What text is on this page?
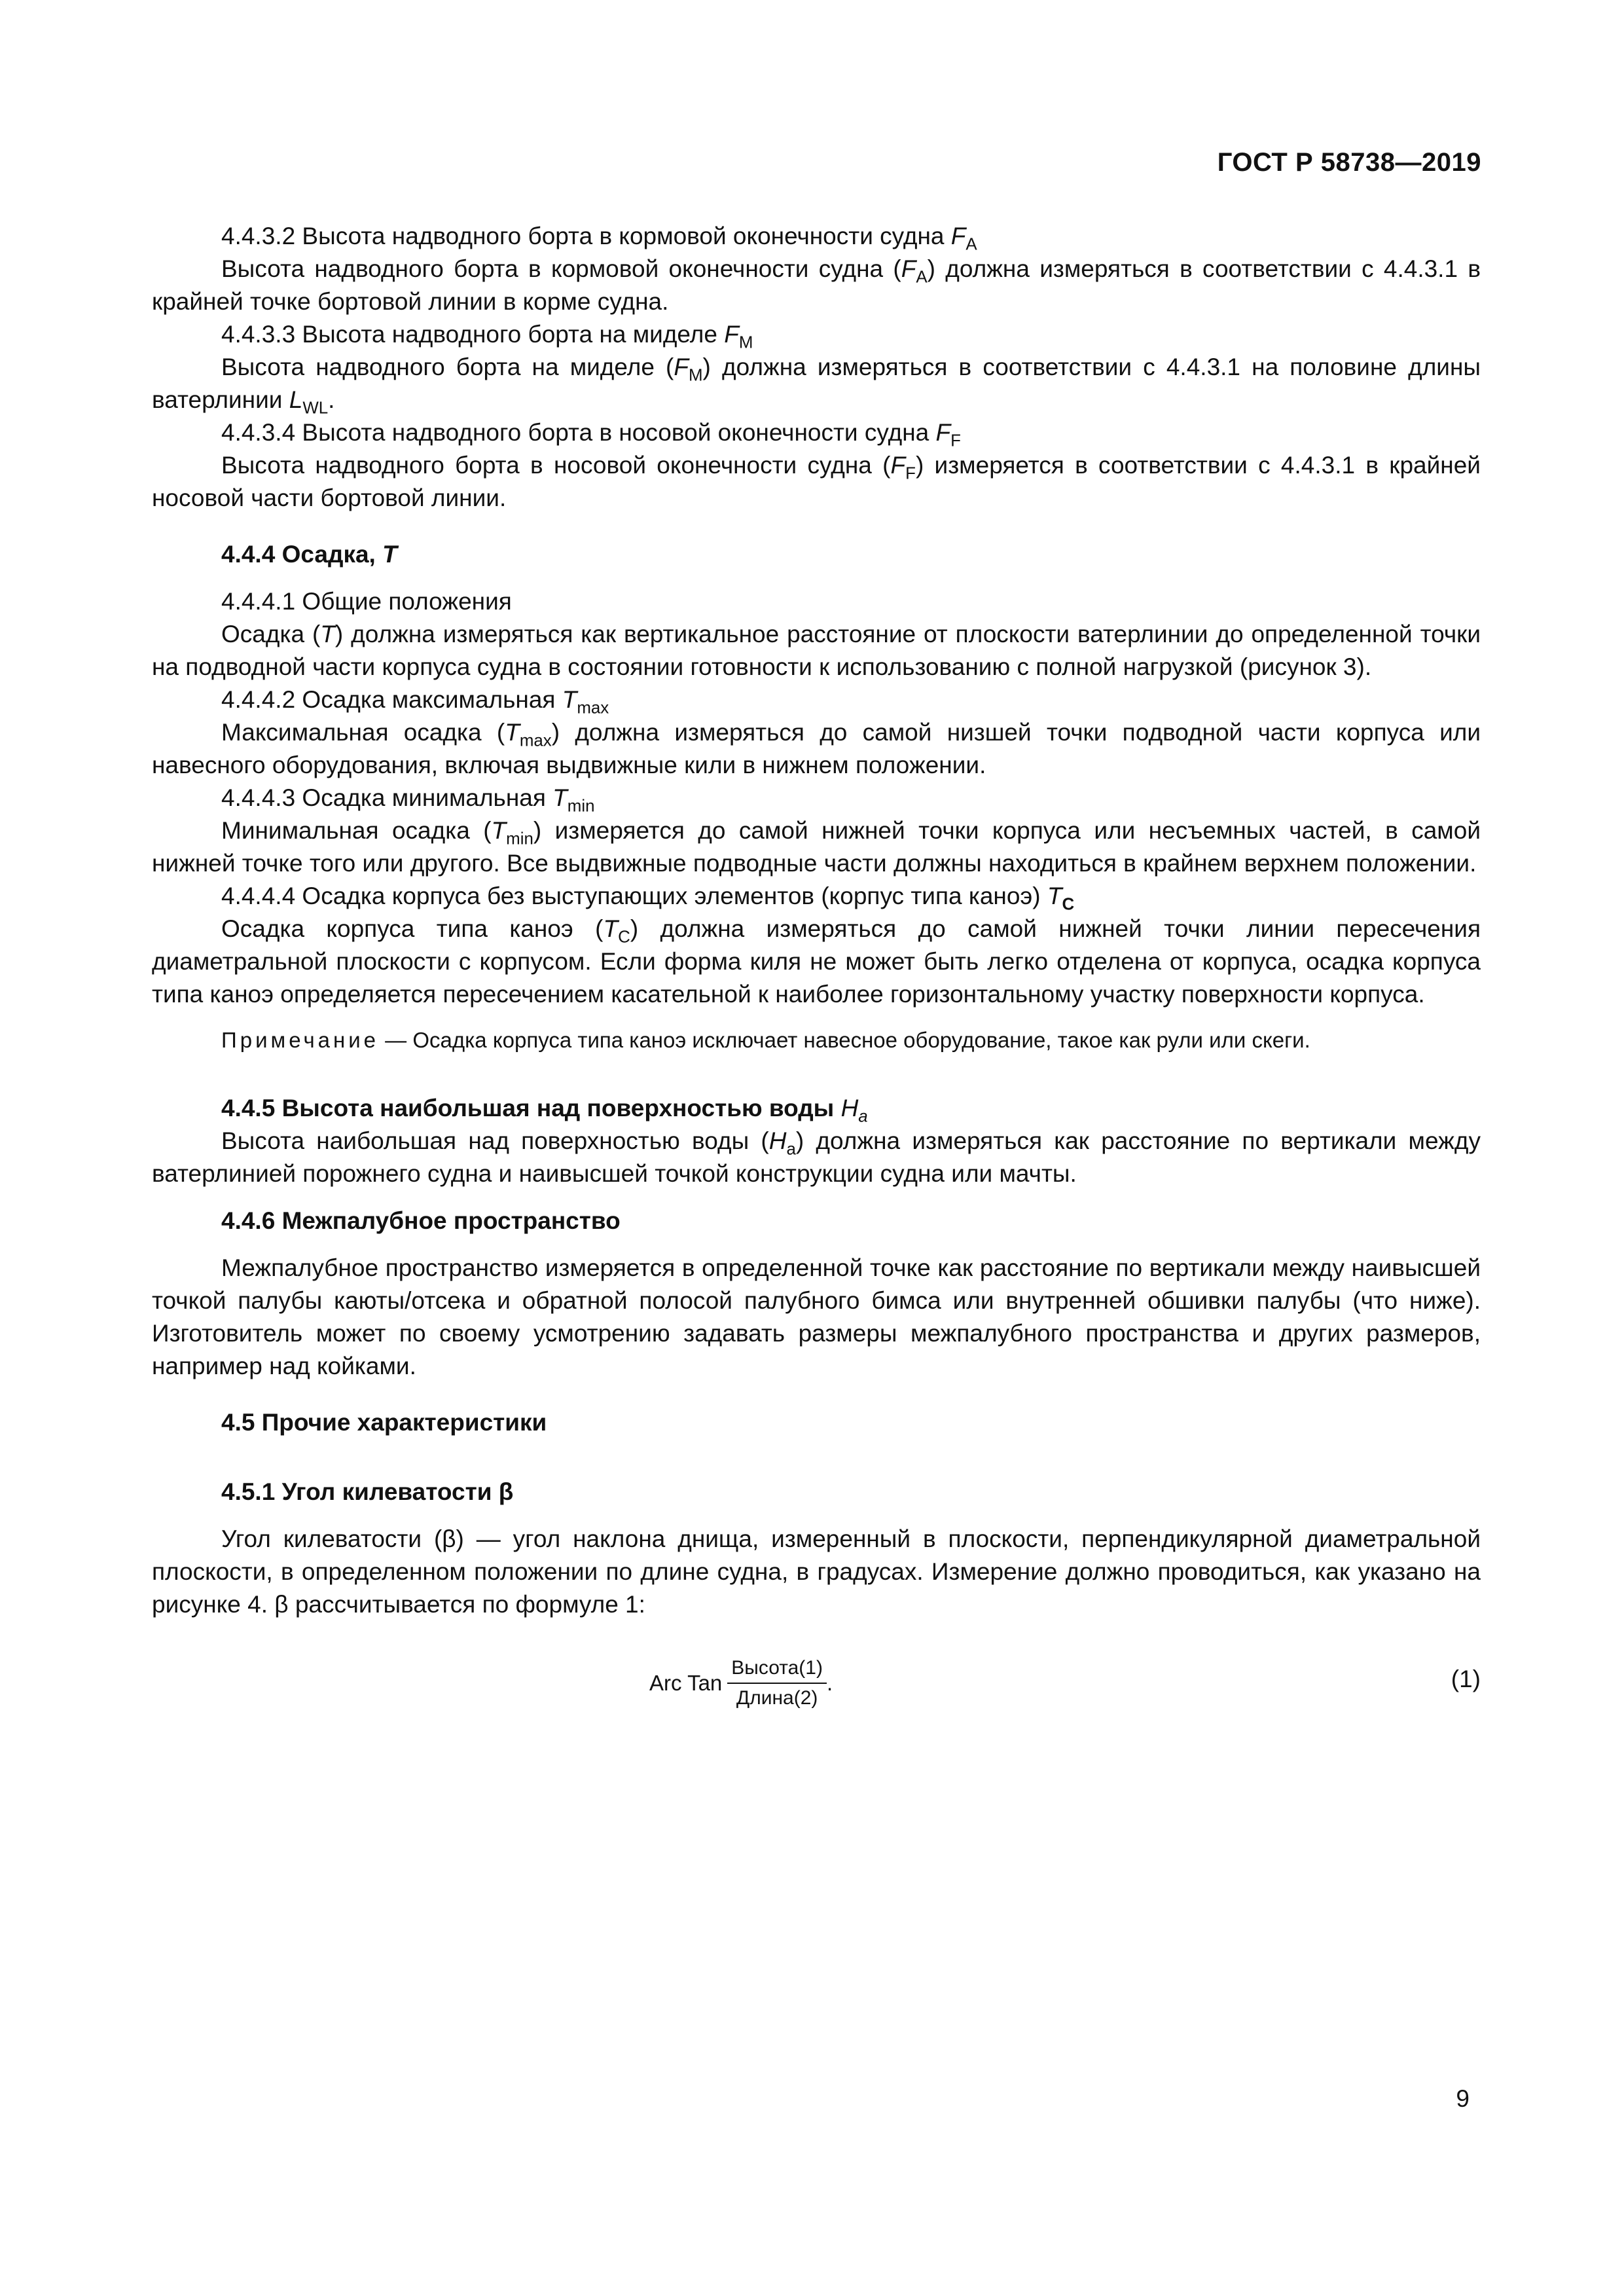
ГОСТ Р 58738—2019

4.4.3.2 Высота надводного борта в кормовой оконечности судна $F_A$

Высота надводного борта в кормовой оконечности судна $(F_A)$ должна измеряться в соответствии с 4.4.3.1 в крайней точке бортовой линии в корме судна.

4.4.3.3 Высота надводного борта на миделе $F_M$

Высота надводного борта на миделе $(F_M)$ должна измеряться в соответствии с 4.4.3.1 на половине длины ватерлинии $L_{WL}$.

4.4.3.4 Высота надводного борта в носовой оконечности судна $F_F$

Высота надводного борта в носовой оконечности судна $(F_F)$ измеряется в соответствии с 4.4.3.1 в крайней носовой части бортовой линии.

4.4.4 Осадка, T

4.4.4.1 Общие положения

Осадка (T) должна измеряться как вертикальное расстояние от плоскости ватерлинии до определенной точки на подводной части корпуса судна в состоянии готовности к использованию с полной нагрузкой (рисунок 3).

4.4.4.2 Осадка максимальная $T_{max}$

Максимальная осадка $(T_{max})$ должна измеряться до самой низшей точки подводной части корпуса или навесного оборудования, включая выдвижные кили в нижнем положении.

4.4.4.3 Осадка минимальная $T_{min}$

Минимальная осадка $(T_{min})$ измеряется до самой нижней точки корпуса или несъемных частей, в самой нижней точке того или другого. Все выдвижные подводные части должны находиться в крайнем верхнем положении.

4.4.4.4 Осадка корпуса без выступающих элементов (корпус типа каноэ) $T_C$

Осадка корпуса типа каноэ $(T_C)$ должна измеряться до самой нижней точки линии пересечения диаметральной плоскости с корпусом. Если форма киля не может быть легко отделена от корпуса, осадка корпуса типа каноэ определяется пересечением касательной к наиболее горизонтальному участку поверхности корпуса.

Примечание — Осадка корпуса типа каноэ исключает навесное оборудование, такое как рули или скеги.

4.4.5 Высота наибольшая над поверхностью воды $H_a$

Высота наибольшая над поверхностью воды $(H_a)$ должна измеряться как расстояние по вертикали между ватерлинией порожнего судна и наивысшей точкой конструкции судна или мачты.

4.4.6 Межпалубное пространство

Межпалубное пространство измеряется в определенной точке как расстояние по вертикали между наивысшей точкой палубы каюты/отсека и обратной полосой палубного бимса или внутренней обшивки палубы (что ниже). Изготовитель может по своему усмотрению задавать размеры межпалубного пространства и других размеров, например над койками.

4.5 Прочие характеристики

4.5.1 Угол килеватости β

Угол килеватости (β) — угол наклона днища, измеренный в плоскости, перпендикулярной диаметральной плоскости, в определенном положении по длине судна, в градусах. Измерение должно проводиться, как указано на рисунке 4. β рассчитывается по формуле 1:

Arc Tan $\frac{\text{Высота(1)}}{\text{Длина(2)}}$ .	(1)
9
